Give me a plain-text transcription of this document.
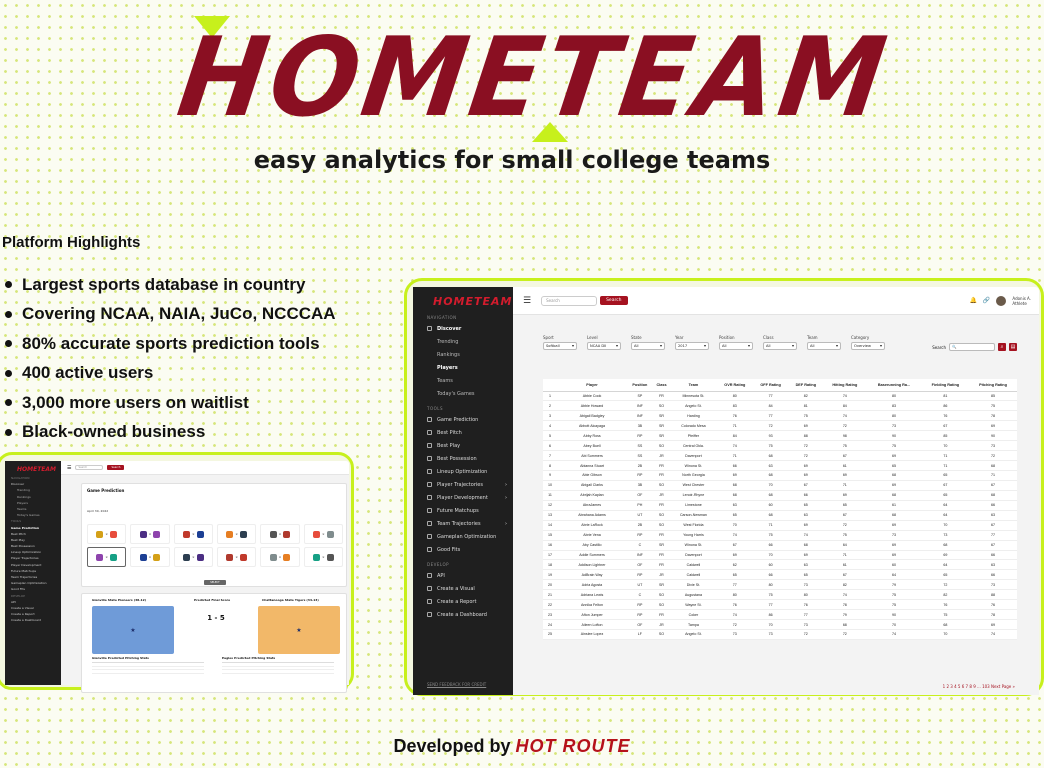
HOMETEAM
easy analytics for small college teams
Platform Highlights
Largest sports database in country
Covering NCAA, NAIA, JuCo, NCCCAA
80% accurate sports prediction tools
400 active users
3,000 more users on waitlist
Black-owned business
HOMETEAM
NAVIGATION
Discover
Trending
Rankings
Players
Teams
Today's Games
TOOLS
Game Prediction
Best Pitch
Best Play
Best Possession
Lineup Optimization
Player Trajectories	›
Player Development	›
Future Matchups
Team Trajectories	›
Gameplan Optimization
Good Fits
DEVELOP
API
Create a Visual
Create a Report
Create a Dashboard
SEND FEEDBACK FOR CREDIT
☰	Search	Search	🔔 🔗	Adonis A.
Athlete
Sport
Softball ▾
Level
NCAA DII ▾
State
All ▾
Year
2017 ▾
Position
All ▾
Class
All ▾
Team
All ▾
Category
Overview ▾	Search	🔍	⌕	▤
	Player	Position	Class	Team	OVR Rating	OFF Rating	DEF Rating	Hitting Rating	Baserunning Ra...	Fielding Rating	Pitching Rating
1	Abbie Cook	SP	FR	Minnesota St.	80	77	82	74	80	81	85
2	Abbie Howard	INF	SO	Angelo St.	83	84	81	84	83	86	75
3	Abigail Badgley	INF	SR	Harding	76	77	75	74	80	76	78
4	Abbott Alcayaga	3B	SR	Colorado Mesa	71	72	69	72	73	67	69
5	Abby Ross	RP	SR	Pfeiffer	84	93	88	98	90	85	90
6	Abey Buell	SS	SO	Central Okla.	74	75	72	75	75	70	73
7	Abi Summers	SS	JR	Davenport	71	68	72	67	69	71	72
8	Abianna Stuart	2B	FR	Winona St.	66	63	69	61	65	71	68
9	Abie Gibson	RP	FR	North Georgia	69	68	69	69	68	65	71
10	Abigail Clarks	3B	SO	West Chester	68	70	67	71	69	67	67
11	Abrijah Kaplan	OF	JR	Lenoir-Rhyne	68	68	66	69	68	65	68
12	AbraJames	PH	FR	Limestone	63	60	65	65	61	64	66
13	Abrahana Adams	UT	SO	Carson-Newman	65	68	63	67	68	64	63
14	Abrie LaRock	2B	SO	West Florida	70	71	69	72	69	70	67
15	Abrie Vena	RP	FR	Young Harris	74	75	74	75	73	73	77
16	Aby Castillo	C	SR	Winona St.	67	66	68	64	69	68	67
17	Addie Summers	INF	FR	Davenport	69	70	69	71	69	69	66
18	Addison Lightner	OF	FR	Caldwell	62	60	63	61	60	64	63
19	AdBrain Way	RP	JR	Caldwell	65	66	65	67	64	65	66
20	Adria Agosta	UT	SR	Dixie St.	77	80	73	82	79	72	73
21	Adriana Lewis	C	SO	Augustana	80	75	80	74	75	82	88
22	Annika Felton	RP	SO	Wayne St.	76	77	76	78	75	76	76
23	Afton Jumper	RP	FR	Coker	74	86	77	79	90	75	78
24	Aileen Lofton	OF	JR	Tampa	72	70	73	68	70	68	69
25	Ainslee Lopez	LF	SO	Angelo St.	73	73	72	72	74	70	74
1 2 3 4 5 6 7 8 9 ... 103 Next Page »
HOMETEAM
NAVIGATION
Discover
Trending
Rankings
Players
Teams
Today's Games
TOOLS
Game Prediction
Best Pitch
Best Play
Best Possession
Lineup Optimization
Player Trajectories
Player Development
Future Matchups
Team Trajectories
Gameplan Optimization
Good Fits
DEVELOP
API
Create a Visual
Create a Report
Create a Dashboard
☰	Search	Search
Game Prediction
April 30, 2022
×	×	×	×	×	×
×	×	×	×	×	×
SELECT
Glenville State Pioneers (38-12)	Predicted Final Score	Chattanooga State Tigers (34-13)
★
1 - 5
★
Glenville Predicted Pitching Stats	Eagles Predicted Pitching Stats
Developed by HOT ROUTE
